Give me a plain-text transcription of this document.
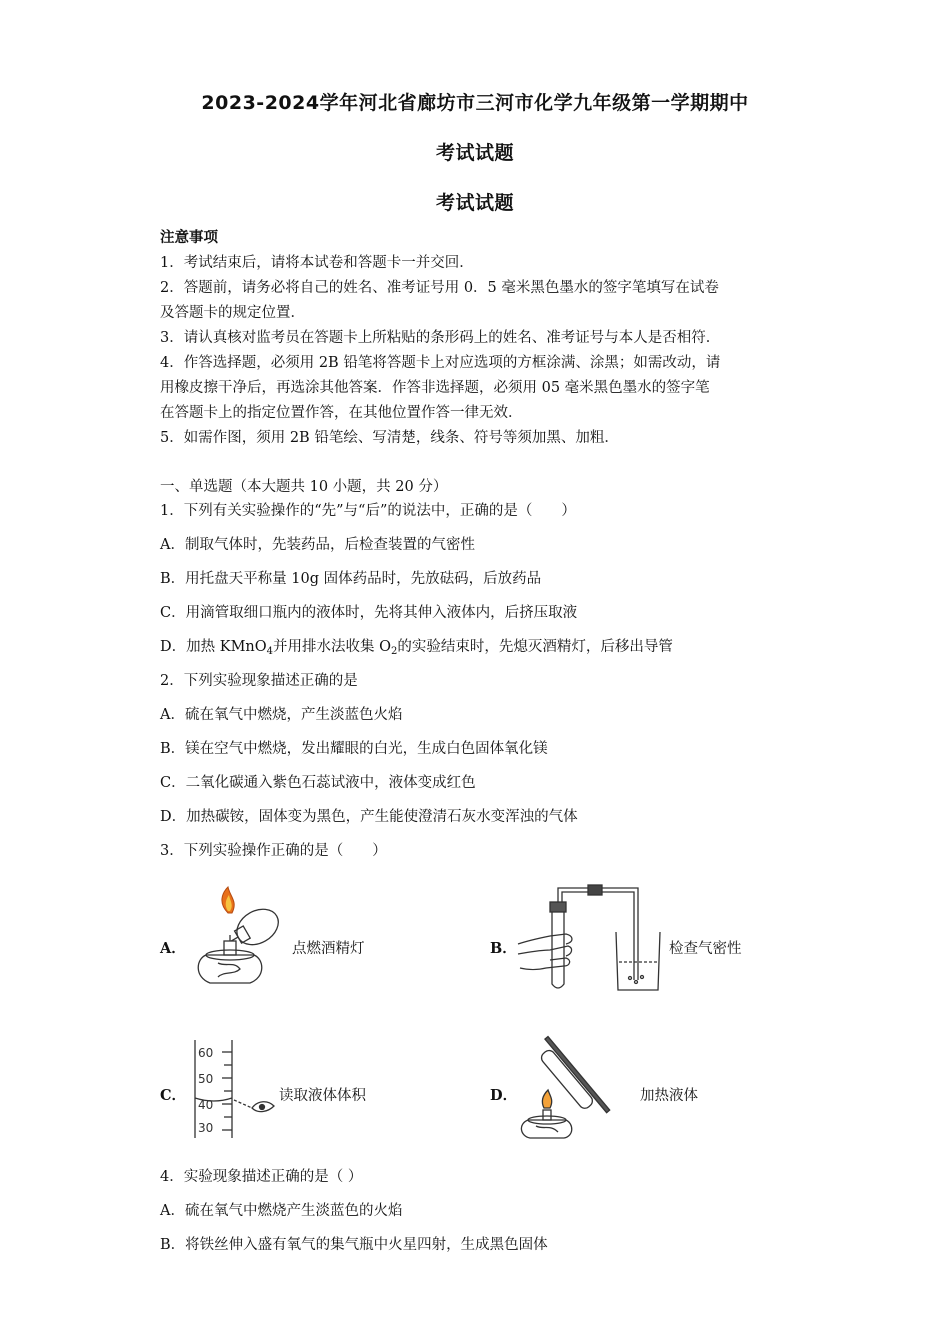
2023-2024学年河北省廊坊市三河市化学九年级第一学期期中
考试试题
考试试题
注意事项
1．考试结束后，请将本试卷和答题卡一并交回．
2．答题前，请务必将自己的姓名、准考证号用 0．5 毫米黑色墨水的签字笔填写在试卷
及答题卡的规定位置．
3．请认真核对监考员在答题卡上所粘贴的条形码上的姓名、准考证号与本人是否相符．
4．作答选择题，必须用 2B 铅笔将答题卡上对应选项的方框涂满、涂黑；如需改动，请
用橡皮擦干净后，再选涂其他答案．作答非选择题，必须用 05 毫米黑色墨水的签字笔
在答题卡上的指定位置作答，在其他位置作答一律无效．
5．如需作图，须用 2B 铅笔绘、写清楚，线条、符号等须加黑、加粗．
一、单选题（本大题共 10 小题，共 20 分）
1．下列有关实验操作的“先”与“后”的说法中，正确的是（　　）
A．制取气体时，先装药品，后检查装置的气密性
B．用托盘天平称量 10g 固体药品时，先放砝码，后放药品
C．用滴管取细口瓶内的液体时，先将其伸入液体内，后挤压取液
D．加热 KMnO$_4$并用排水法收集 $O_2$的实验结束时，先熄灭酒精灯，后移出导管
2．下列实验现象描述正确的是
A．硫在氧气中燃烧，产生淡蓝色火焰
B．镁在空气中燃烧，发出耀眼的白光，生成白色固体氧化镁
C．二氧化碳通入紫色石蕊试液中，液体变成红色
D．加热碳铵，固体变为黑色，产生能使澄清石灰水变浑浊的气体
3．下列实验操作正确的是（　　）
A．	点燃酒精灯	B．	检查气密性
C．
60
50
40
30
读取液体体积	D．	加热液体
4．实验现象描述正确的是（ ）
A．硫在氧气中燃烧产生淡蓝色的火焰
B．将铁丝伸入盛有氧气的集气瓶中火星四射，生成黑色固体
